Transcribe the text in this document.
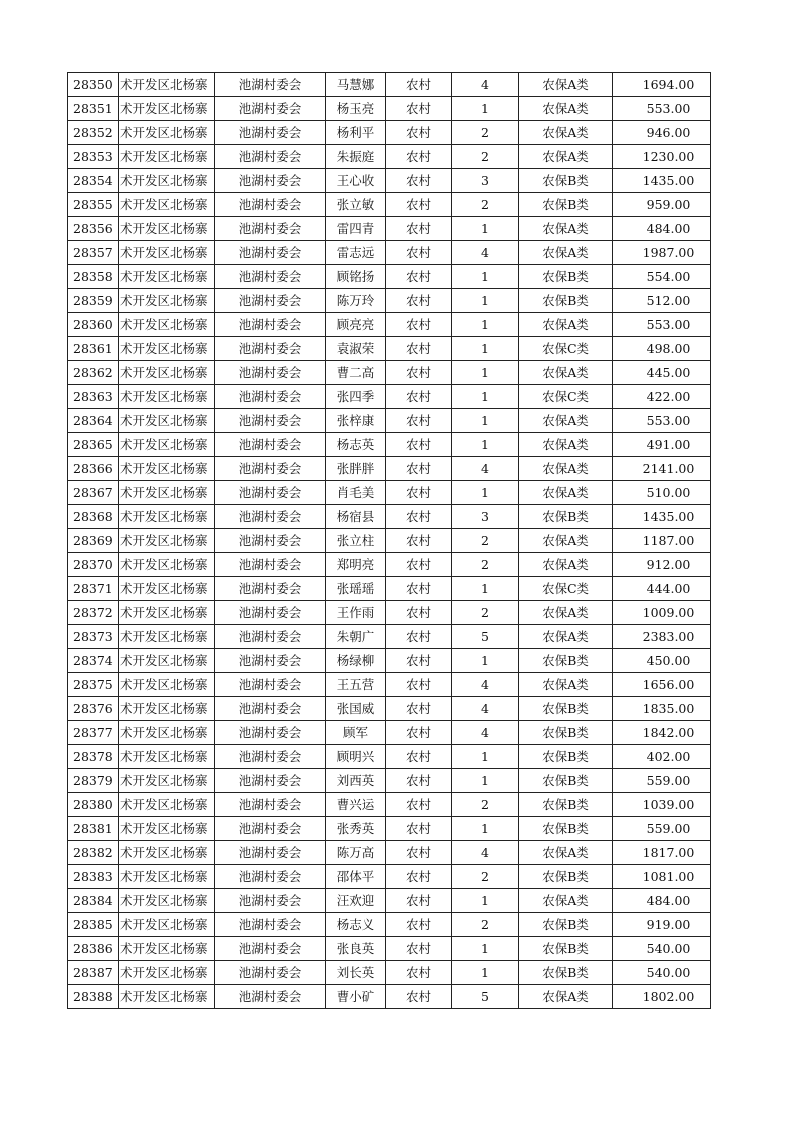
28350	术开发区北杨寨	池湖村委会	马慧娜	农村	4	农保A类	1694.00
28351	术开发区北杨寨	池湖村委会	杨玉亮	农村	1	农保A类	553.00
28352	术开发区北杨寨	池湖村委会	杨利平	农村	2	农保A类	946.00
28353	术开发区北杨寨	池湖村委会	朱振庭	农村	2	农保A类	1230.00
28354	术开发区北杨寨	池湖村委会	王心收	农村	3	农保B类	1435.00
28355	术开发区北杨寨	池湖村委会	张立敏	农村	2	农保B类	959.00
28356	术开发区北杨寨	池湖村委会	雷四青	农村	1	农保A类	484.00
28357	术开发区北杨寨	池湖村委会	雷志远	农村	4	农保A类	1987.00
28358	术开发区北杨寨	池湖村委会	顾铭扬	农村	1	农保B类	554.00
28359	术开发区北杨寨	池湖村委会	陈万玲	农村	1	农保B类	512.00
28360	术开发区北杨寨	池湖村委会	顾亮亮	农村	1	农保A类	553.00
28361	术开发区北杨寨	池湖村委会	袁淑荣	农村	1	农保C类	498.00
28362	术开发区北杨寨	池湖村委会	曹二高	农村	1	农保A类	445.00
28363	术开发区北杨寨	池湖村委会	张四季	农村	1	农保C类	422.00
28364	术开发区北杨寨	池湖村委会	张梓康	农村	1	农保A类	553.00
28365	术开发区北杨寨	池湖村委会	杨志英	农村	1	农保A类	491.00
28366	术开发区北杨寨	池湖村委会	张胖胖	农村	4	农保A类	2141.00
28367	术开发区北杨寨	池湖村委会	肖毛美	农村	1	农保A类	510.00
28368	术开发区北杨寨	池湖村委会	杨宿县	农村	3	农保B类	1435.00
28369	术开发区北杨寨	池湖村委会	张立柱	农村	2	农保A类	1187.00
28370	术开发区北杨寨	池湖村委会	郑明亮	农村	2	农保A类	912.00
28371	术开发区北杨寨	池湖村委会	张瑶瑶	农村	1	农保C类	444.00
28372	术开发区北杨寨	池湖村委会	王作雨	农村	2	农保A类	1009.00
28373	术开发区北杨寨	池湖村委会	朱朝广	农村	5	农保A类	2383.00
28374	术开发区北杨寨	池湖村委会	杨绿柳	农村	1	农保B类	450.00
28375	术开发区北杨寨	池湖村委会	王五营	农村	4	农保A类	1656.00
28376	术开发区北杨寨	池湖村委会	张国威	农村	4	农保B类	1835.00
28377	术开发区北杨寨	池湖村委会	顾军	农村	4	农保B类	1842.00
28378	术开发区北杨寨	池湖村委会	顾明兴	农村	1	农保B类	402.00
28379	术开发区北杨寨	池湖村委会	刘西英	农村	1	农保B类	559.00
28380	术开发区北杨寨	池湖村委会	曹兴运	农村	2	农保B类	1039.00
28381	术开发区北杨寨	池湖村委会	张秀英	农村	1	农保B类	559.00
28382	术开发区北杨寨	池湖村委会	陈万高	农村	4	农保A类	1817.00
28383	术开发区北杨寨	池湖村委会	邵体平	农村	2	农保B类	1081.00
28384	术开发区北杨寨	池湖村委会	汪欢迎	农村	1	农保A类	484.00
28385	术开发区北杨寨	池湖村委会	杨志义	农村	2	农保B类	919.00
28386	术开发区北杨寨	池湖村委会	张良英	农村	1	农保B类	540.00
28387	术开发区北杨寨	池湖村委会	刘长英	农村	1	农保B类	540.00
28388	术开发区北杨寨	池湖村委会	曹小矿	农村	5	农保A类	1802.00
